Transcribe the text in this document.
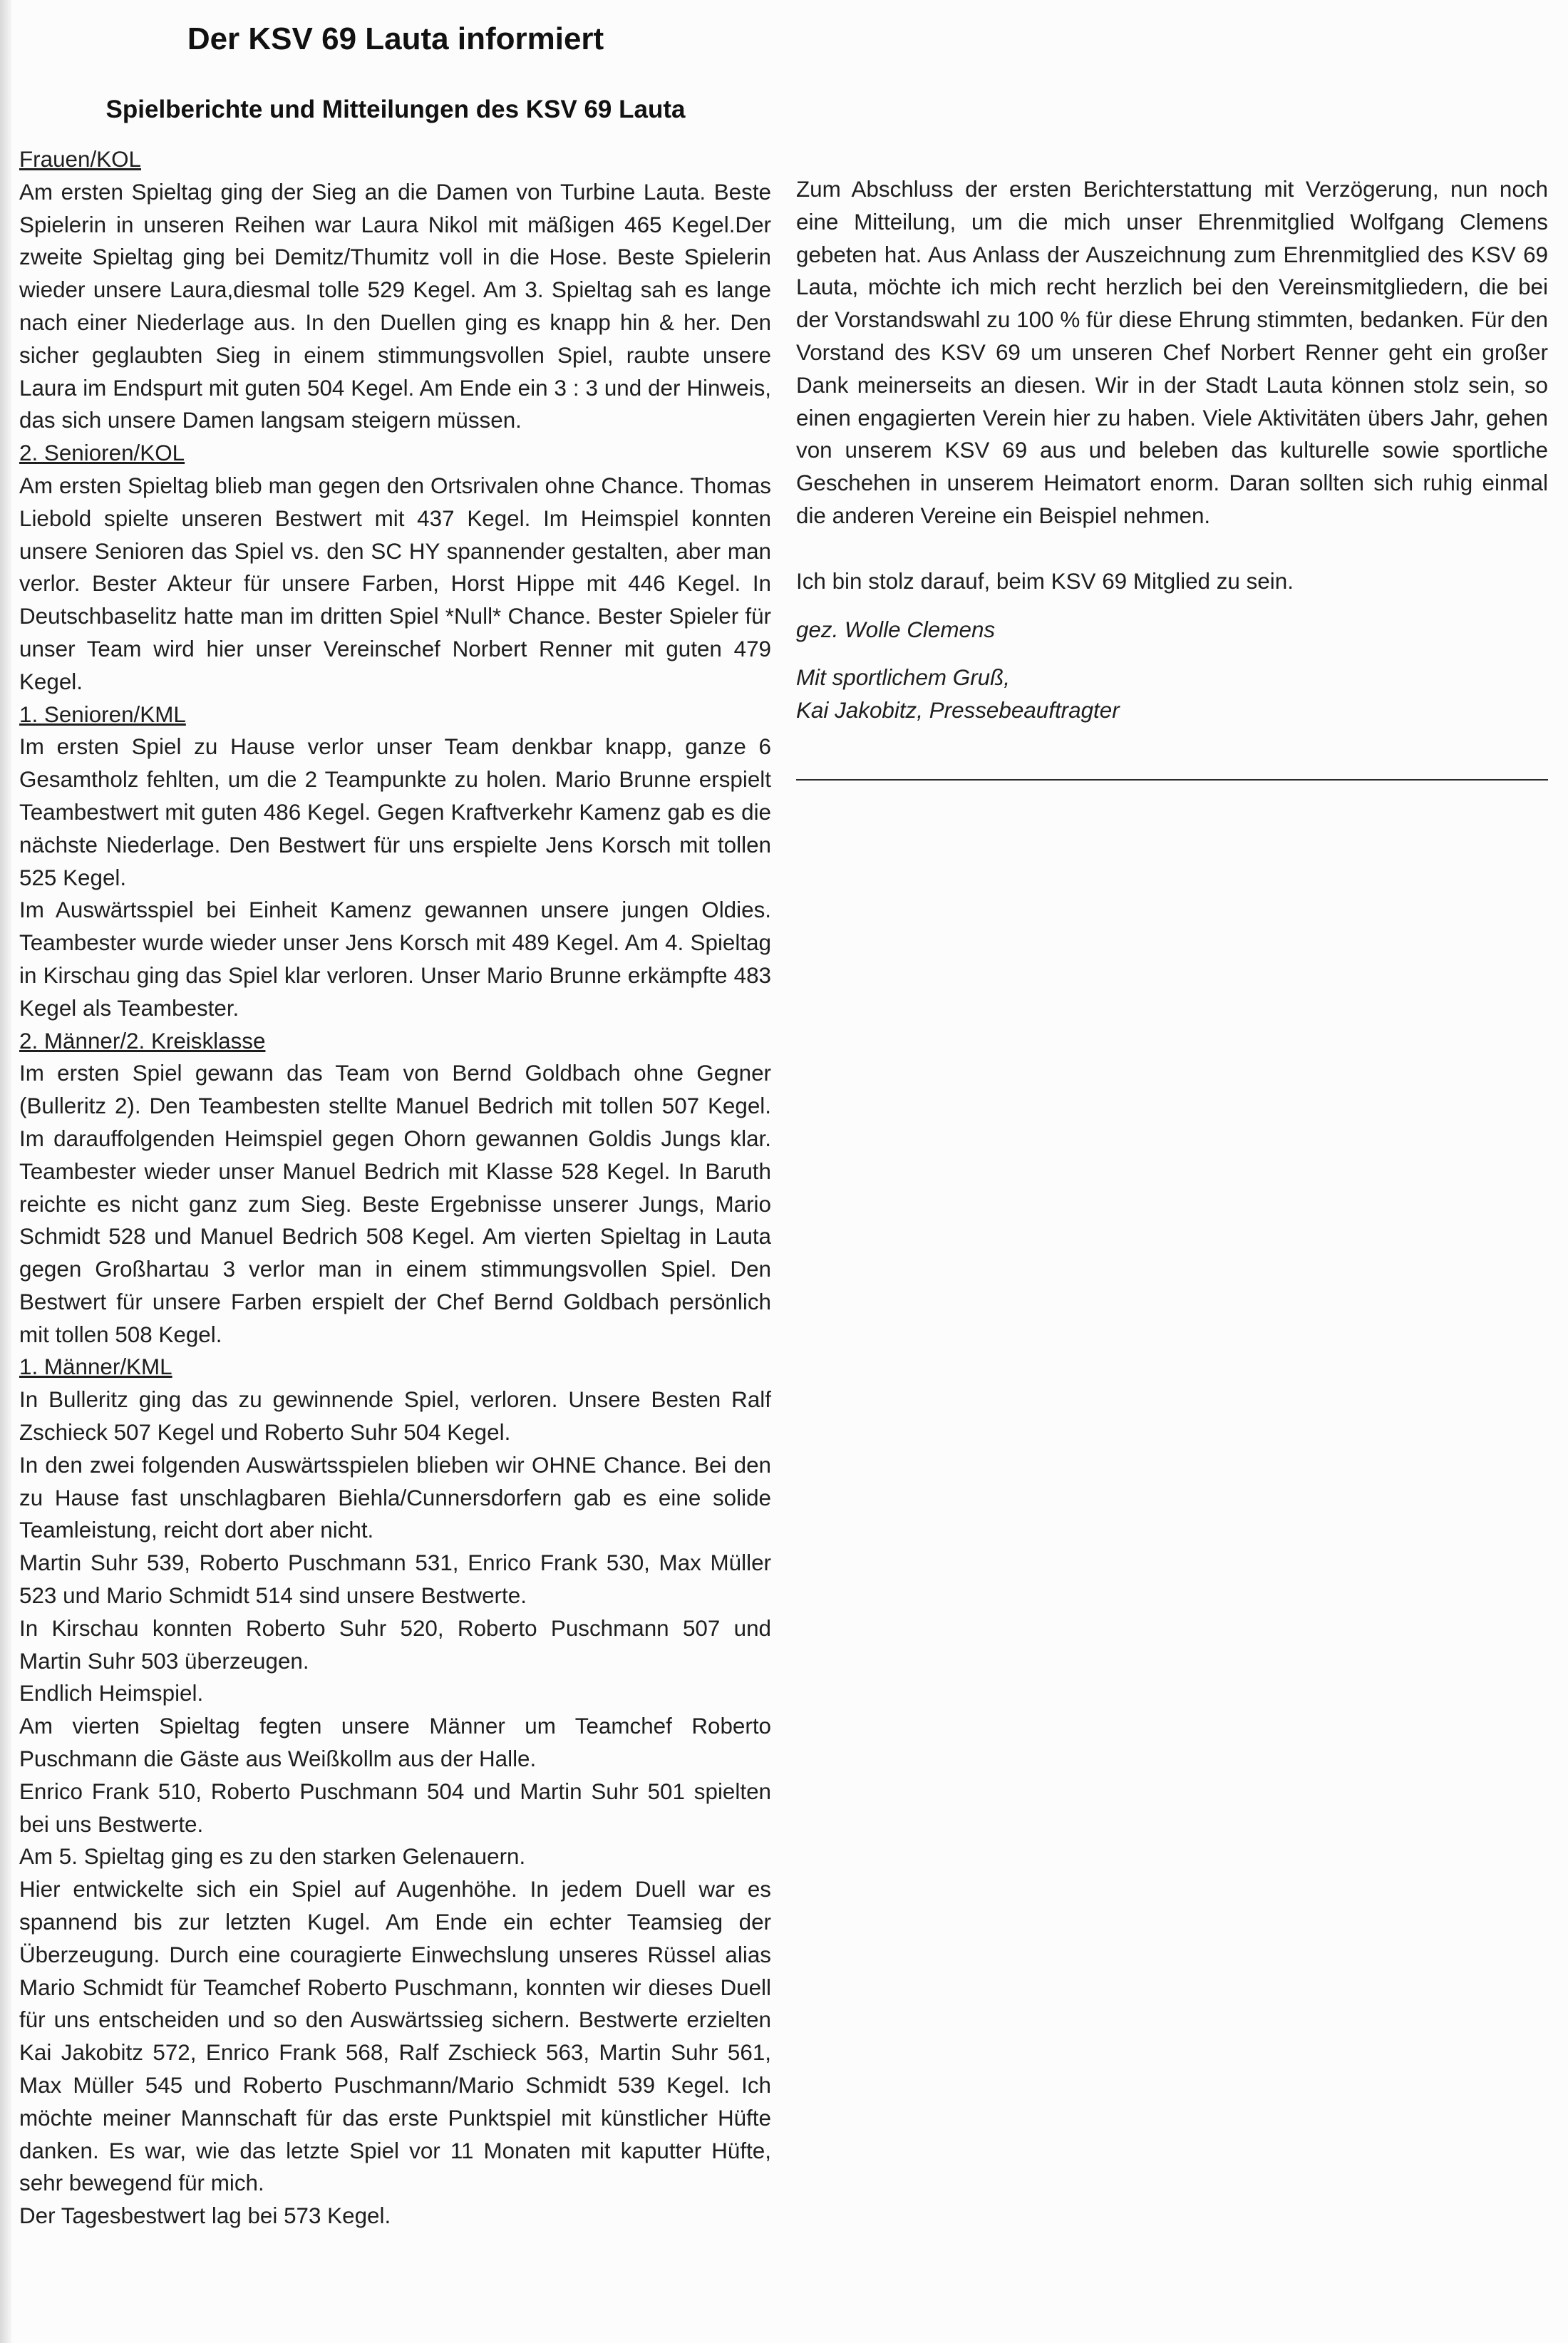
Der KSV 69 Lauta informiert
Spielberichte und Mitteilungen des KSV 69 Lauta
Frauen/KOL

Am ersten Spieltag ging der Sieg an die Damen von Turbine Lauta. Beste Spielerin in unseren Reihen war Laura Nikol mit mäßigen 465 Kegel.Der zweite Spieltag ging bei Demitz/Thumitz voll in die Hose. Beste Spielerin wieder unsere Laura,diesmal tolle 529 Kegel. Am 3. Spieltag sah es lange nach einer Niederlage aus. In den Duellen ging es knapp hin & her. Den sicher geglaubten Sieg in einem stimmungsvollen Spiel, raubte unsere Laura im Endspurt mit guten 504 Kegel. Am Ende ein 3 : 3 und der Hinweis, das sich unsere Damen langsam steigern müssen.

2. Senioren/KOL

Am ersten Spieltag blieb man gegen den Ortsrivalen ohne Chance. Thomas Liebold spielte unseren Bestwert mit 437 Kegel. Im Heimspiel konnten unsere Senioren das Spiel vs. den SC HY spannender gestalten, aber man verlor. Bester Akteur für unsere Farben, Horst Hippe mit 446 Kegel. In Deutschbaselitz hatte man im dritten Spiel *Null* Chance. Bester Spieler für unser Team wird hier unser Vereinschef Norbert Renner mit guten 479 Kegel.

1. Senioren/KML

Im ersten Spiel zu Hause verlor unser Team denkbar knapp, ganze 6 Gesamtholz fehlten, um die 2 Teampunkte zu holen. Mario Brunne erspielt Teambestwert mit guten 486 Kegel. Gegen Kraftverkehr Kamenz gab es die nächste Niederlage. Den Bestwert für uns erspielte Jens Korsch mit tollen 525 Kegel.

Im Auswärtsspiel bei Einheit Kamenz gewannen unsere jungen Oldies. Teambester wurde wieder unser Jens Korsch mit 489 Kegel. Am 4. Spieltag in Kirschau ging das Spiel klar verloren. Unser Mario Brunne erkämpfte 483 Kegel als Teambester.

2. Männer/2. Kreisklasse

Im ersten Spiel gewann das Team von Bernd Goldbach ohne Gegner (Bulleritz 2). Den Teambesten stellte Manuel Bedrich mit tollen 507 Kegel. Im darauffolgenden Heimspiel gegen Ohorn gewannen Goldis Jungs klar. Teambester wieder unser Manuel Bedrich mit Klasse 528 Kegel. In Baruth reichte es nicht ganz zum Sieg. Beste Ergebnisse unserer Jungs, Mario Schmidt 528 und Manuel Bedrich 508 Kegel. Am vierten Spieltag in Lauta gegen Großhartau 3 verlor man in einem stimmungsvollen Spiel. Den Bestwert für unsere Farben erspielt der Chef Bernd Goldbach persönlich mit tollen 508 Kegel.

1. Männer/KML

In Bulleritz ging das zu gewinnende Spiel, verloren. Unsere Besten Ralf Zschieck 507 Kegel und Roberto Suhr 504 Kegel.

In den zwei folgenden Auswärtsspielen blieben wir OHNE Chance. Bei den zu Hause fast unschlagbaren Biehla/Cunnersdorfern gab es eine solide Teamleistung, reicht dort aber nicht.

Martin Suhr 539, Roberto Puschmann 531, Enrico Frank 530, Max Müller 523 und Mario Schmidt 514 sind unsere Bestwerte.

In Kirschau konnten Roberto Suhr 520, Roberto Puschmann 507 und Martin Suhr 503 überzeugen.

Endlich Heimspiel.

Am vierten Spieltag fegten unsere Männer um Teamchef Roberto Puschmann die Gäste aus Weißkollm aus der Halle.

Enrico Frank 510, Roberto Puschmann 504 und Martin Suhr 501 spielten bei uns Bestwerte.

Am 5. Spieltag ging es zu den starken Gelenauern.

Hier entwickelte sich ein Spiel auf Augenhöhe. In jedem Duell war es spannend bis zur letzten Kugel. Am Ende ein echter Teamsieg der Überzeugung. Durch eine couragierte Einwechslung unseres Rüssel alias Mario Schmidt für Teamchef Roberto Puschmann, konnten wir dieses Duell für uns entscheiden und so den Auswärtssieg sichern. Bestwerte erzielten Kai Jakobitz 572, Enrico Frank 568, Ralf Zschieck 563, Martin Suhr 561, Max Müller 545 und Roberto Puschmann/Mario Schmidt 539 Kegel. Ich möchte meiner Mannschaft für das erste Punktspiel mit künstlicher Hüfte danken. Es war, wie das letzte Spiel vor 11 Monaten mit kaputter Hüfte, sehr bewegend für mich.

Der Tagesbestwert lag bei 573 Kegel.

Zum Abschluss der ersten Berichterstattung mit Verzögerung, nun noch eine Mitteilung, um die mich unser Ehrenmitglied Wolfgang Clemens gebeten hat. Aus Anlass der Auszeichnung zum Ehrenmitglied des KSV 69 Lauta, möchte ich mich recht herzlich bei den Vereinsmitgliedern, die bei der Vorstandswahl zu 100 % für diese Ehrung stimmten, bedanken. Für den Vorstand des KSV 69 um unseren Chef Norbert Renner geht ein großer Dank meinerseits an diesen. Wir in der Stadt Lauta können stolz sein, so einen engagierten Verein hier zu haben. Viele Aktivitäten übers Jahr, gehen von unserem KSV 69 aus und beleben das kulturelle sowie sportliche Geschehen in unserem Heimatort enorm. Daran sollten sich ruhig einmal die anderen Vereine ein Beispiel nehmen.

Ich bin stolz darauf, beim KSV 69 Mitglied zu sein.

gez. Wolle Clemens

Mit sportlichem Gruß,

Kai Jakobitz, Pressebeauftragter
